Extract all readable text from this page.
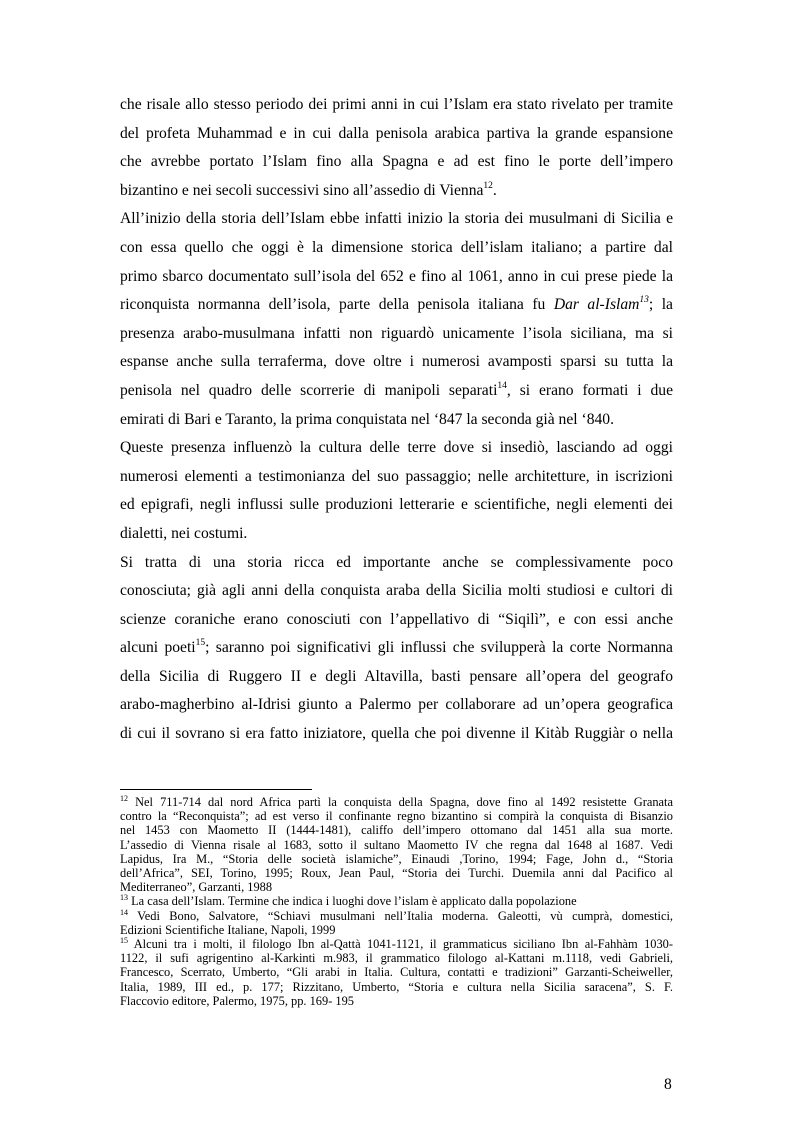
che risale allo stesso periodo dei primi anni in cui l’Islam era stato rivelato per tramite
del profeta Muhammad e in cui dalla penisola arabica partiva la grande espansione
che avrebbe portato l’Islam fino alla Spagna e ad est fino le porte dell’impero
bizantino e nei secoli successivi sino all’assedio di Vienna$^{12}$.

All’inizio della storia dell’Islam ebbe infatti inizio la storia dei musulmani di Sicilia e
con essa quello che oggi è la dimensione storica dell’islam italiano; a partire dal
primo sbarco documentato sull’isola del 652 e fino al 1061, anno in cui prese piede la
riconquista normanna dell’isola, parte della penisola italiana fu Dar al-Islam$^{13}$; la
presenza arabo-musulmana infatti non riguardò unicamente l’isola siciliana, ma si
espanse anche sulla terraferma, dove oltre i numerosi avamposti sparsi su tutta la
penisola nel quadro delle scorrerie di manipoli separati$^{14}$, si erano formati i due
emirati di Bari e Taranto, la prima conquistata nel ‘847 la seconda già nel ‘840.

Queste presenza influenzò la cultura delle terre dove si insediò, lasciando ad oggi
numerosi elementi a testimonianza del suo passaggio; nelle architetture, in iscrizioni
ed epigrafi, negli influssi sulle produzioni letterarie e scientifiche, negli elementi dei
dialetti, nei costumi.

Si tratta di una storia ricca ed importante anche se complessivamente poco
conosciuta; già agli anni della conquista araba della Sicilia molti studiosi e cultori di
scienze coraniche erano conosciuti con l’appellativo di “Siqilì”, e con essi anche
alcuni poeti$^{15}$; saranno poi significativi gli influssi che svilupperà la corte Normanna
della Sicilia di Ruggero II e degli Altavilla, basti pensare all’opera del geografo
arabo-magherbino al-Idrisi giunto a Palermo per collaborare ad un’opera geografica
di cui il sovrano si era fatto iniziatore, quella che poi divenne il Kitàb Ruggiàr o nella

$^{12}$ Nel 711-714 dal nord Africa partì la conquista della Spagna, dove fino al 1492 resistette Granata
contro la “Reconquista”; ad est verso il confinante regno bizantino si compirà la conquista di Bisanzio
nel 1453 con Maometto II (1444-1481), califfo dell’impero ottomano dal 1451 alla sua morte.
L’assedio di Vienna risale al 1683, sotto il sultano Maometto IV che regna dal 1648 al 1687. Vedi
Lapidus, Ira M., “Storia delle società islamiche”, Einaudi ,Torino, 1994; Fage, John d., “Storia
dell’Africa”, SEI, Torino, 1995; Roux, Jean Paul, “Storia dei Turchi. Duemila anni dal Pacifico al
Mediterraneo”, Garzanti, 1988
$^{13}$ La casa dell’Islam. Termine che indica i luoghi dove l’islam è applicato dalla popolazione
$^{14}$ Vedi Bono, Salvatore, “Schiavi musulmani nell’Italia moderna. Galeotti, vù cumprà, domestici,
Edizioni Scientifiche Italiane, Napoli, 1999
$^{15}$ Alcuni tra i molti, il filologo Ibn al-Qattà 1041-1121, il grammaticus siciliano Ibn al-Fahhàm 1030-
1122, il sufi agrigentino al-Karkinti m.983, il grammatico filologo al-Kattani m.1118, vedi Gabrieli,
Francesco, Scerrato, Umberto, “Gli arabi in Italia. Cultura, contatti e tradizioni” Garzanti-Scheiweller,
Italia, 1989, III ed., p. 177; Rizzitano, Umberto, “Storia e cultura nella Sicilia saracena”, S. F.
Flaccovio editore, Palermo, 1975, pp. 169- 195
8
